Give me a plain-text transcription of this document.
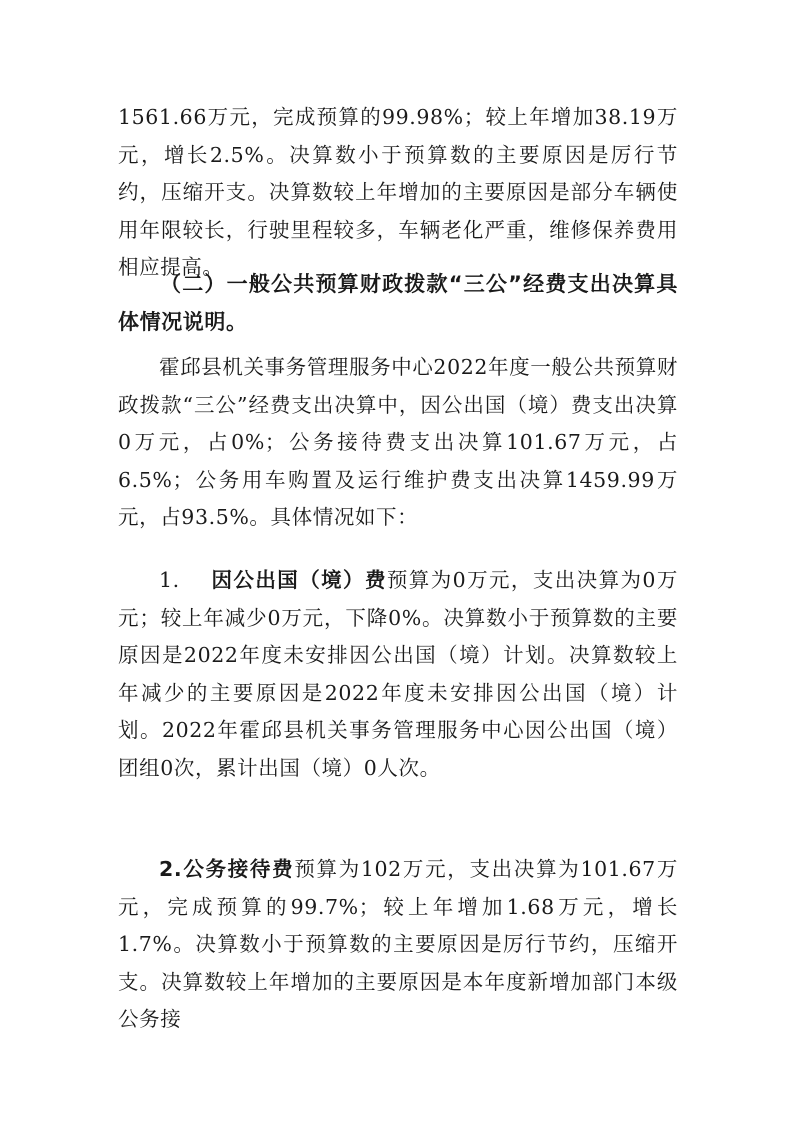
1561.66万元，完成预算的99.98%；较上年增加38.19万元，增长2.5%。决算数小于预算数的主要原因是厉行节约，压缩开支。决算数较上年增加的主要原因是部分车辆使用年限较长，行驶里程较多，车辆老化严重，维修保养费用相应提高。

（二）一般公共预算财政拨款“三公”经费支出决算具体情况说明。

霍邱县机关事务管理服务中心2022年度一般公共预算财政拨款“三公”经费支出决算中，因公出国（境）费支出决算0万元，占0%；公务接待费支出决算101.67万元，占6.5%；公务用车购置及运行维护费支出决算1459.99万元，占93.5%。具体情况如下：

1. 因公出国（境）费预算为0万元，支出决算为0万元；较上年减少0万元，下降0%。决算数小于预算数的主要原因是2022年度未安排因公出国（境）计划。决算数较上年减少的主要原因是2022年度未安排因公出国（境）计划。2022年霍邱县机关事务管理服务中心因公出国（境）团组0次，累计出国（境）0人次。

2.公务接待费预算为102万元，支出决算为101.67万元，完成预算的99.7%；较上年增加1.68万元，增长1.7%。决算数小于预算数的主要原因是厉行节约，压缩开支。决算数较上年增加的主要原因是本年度新增加部门本级公务接
